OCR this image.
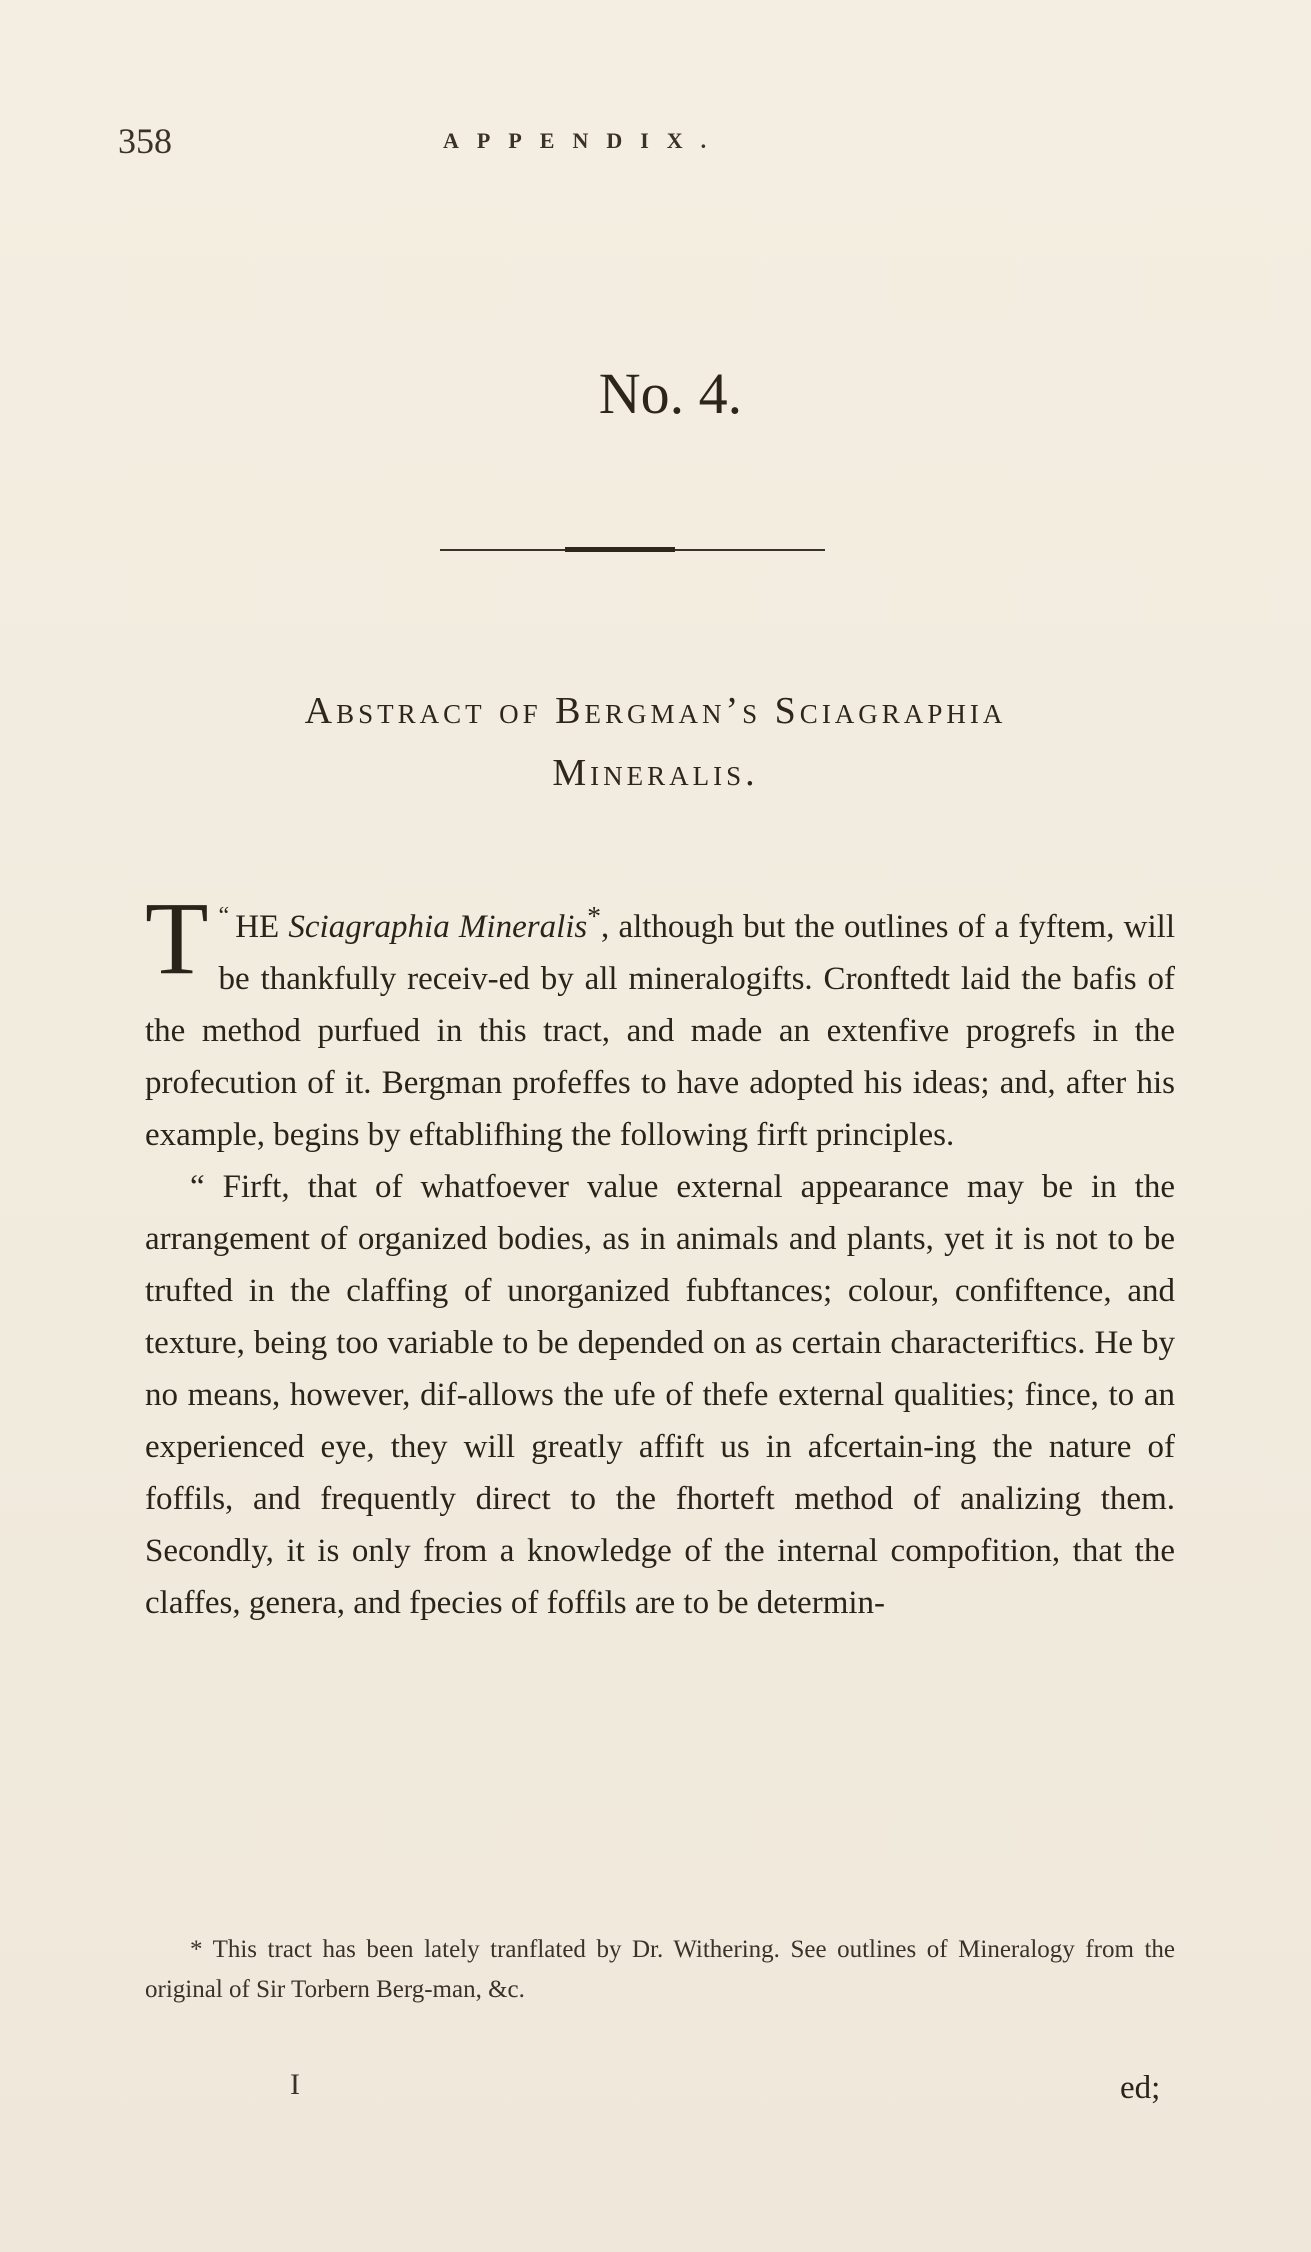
358	APPENDIX.
No. 4.
Abstract of Bergman’s Sciagraphia
Mineralis.

“
T HE Sciagraphia Mineralis*, although but the outlines of a fyftem, will be thankfully receiv-ed by all mineralogifts. Cronftedt laid the bafis of the method purfued in this tract, and made an extenfive progrefs in the profecution of it. Bergman profeffes to have adopted his ideas; and, after his example, begins by eftablifhing the following firft principles.

“ Firft, that of whatfoever value external appearance may be in the arrangement of organized bodies, as in animals and plants, yet it is not to be trufted in the claffing of unorganized fubftances; colour, confiftence, and texture, being too variable to be depended on as certain characteriftics. He by no means, however, dif-allows the ufe of thefe external qualities; fince, to an experienced eye, they will greatly affift us in afcertain-ing the nature of foffils, and frequently direct to the fhorteft method of analizing them. Secondly, it is only from a knowledge of the internal compofition, that the claffes, genera, and fpecies of foffils are to be determin-

* This tract has been lately tranflated by Dr. Withering. See outlines of Mineralogy from the original of Sir Torbern Berg-man, &c.
I	ed;
